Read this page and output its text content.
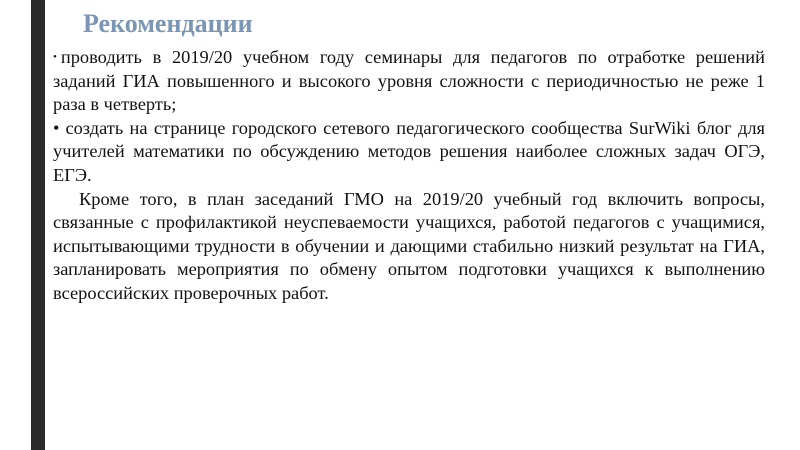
Рекомендации

• проводить в 2019/20 учебном году семинары для педагогов по отработке решений заданий ГИА повышенного и высокого уровня сложности с периодичностью не реже 1 раза в четверть;

• создать на странице городского сетевого педагогического сообщества SurWiki блог для учителей математики по обсуждению методов решения наиболее сложных задач ОГЭ, ЕГЭ.

Кроме того, в план заседаний ГМО на 2019/20 учебный год включить вопросы, связанные с профилактикой неуспеваемости учащихся, работой педагогов с учащимися, испытывающими трудности в обучении и дающими стабильно низкий результат на ГИА, запланировать мероприятия по обмену опытом подготовки учащихся к выполнению всероссийских проверочных работ.
